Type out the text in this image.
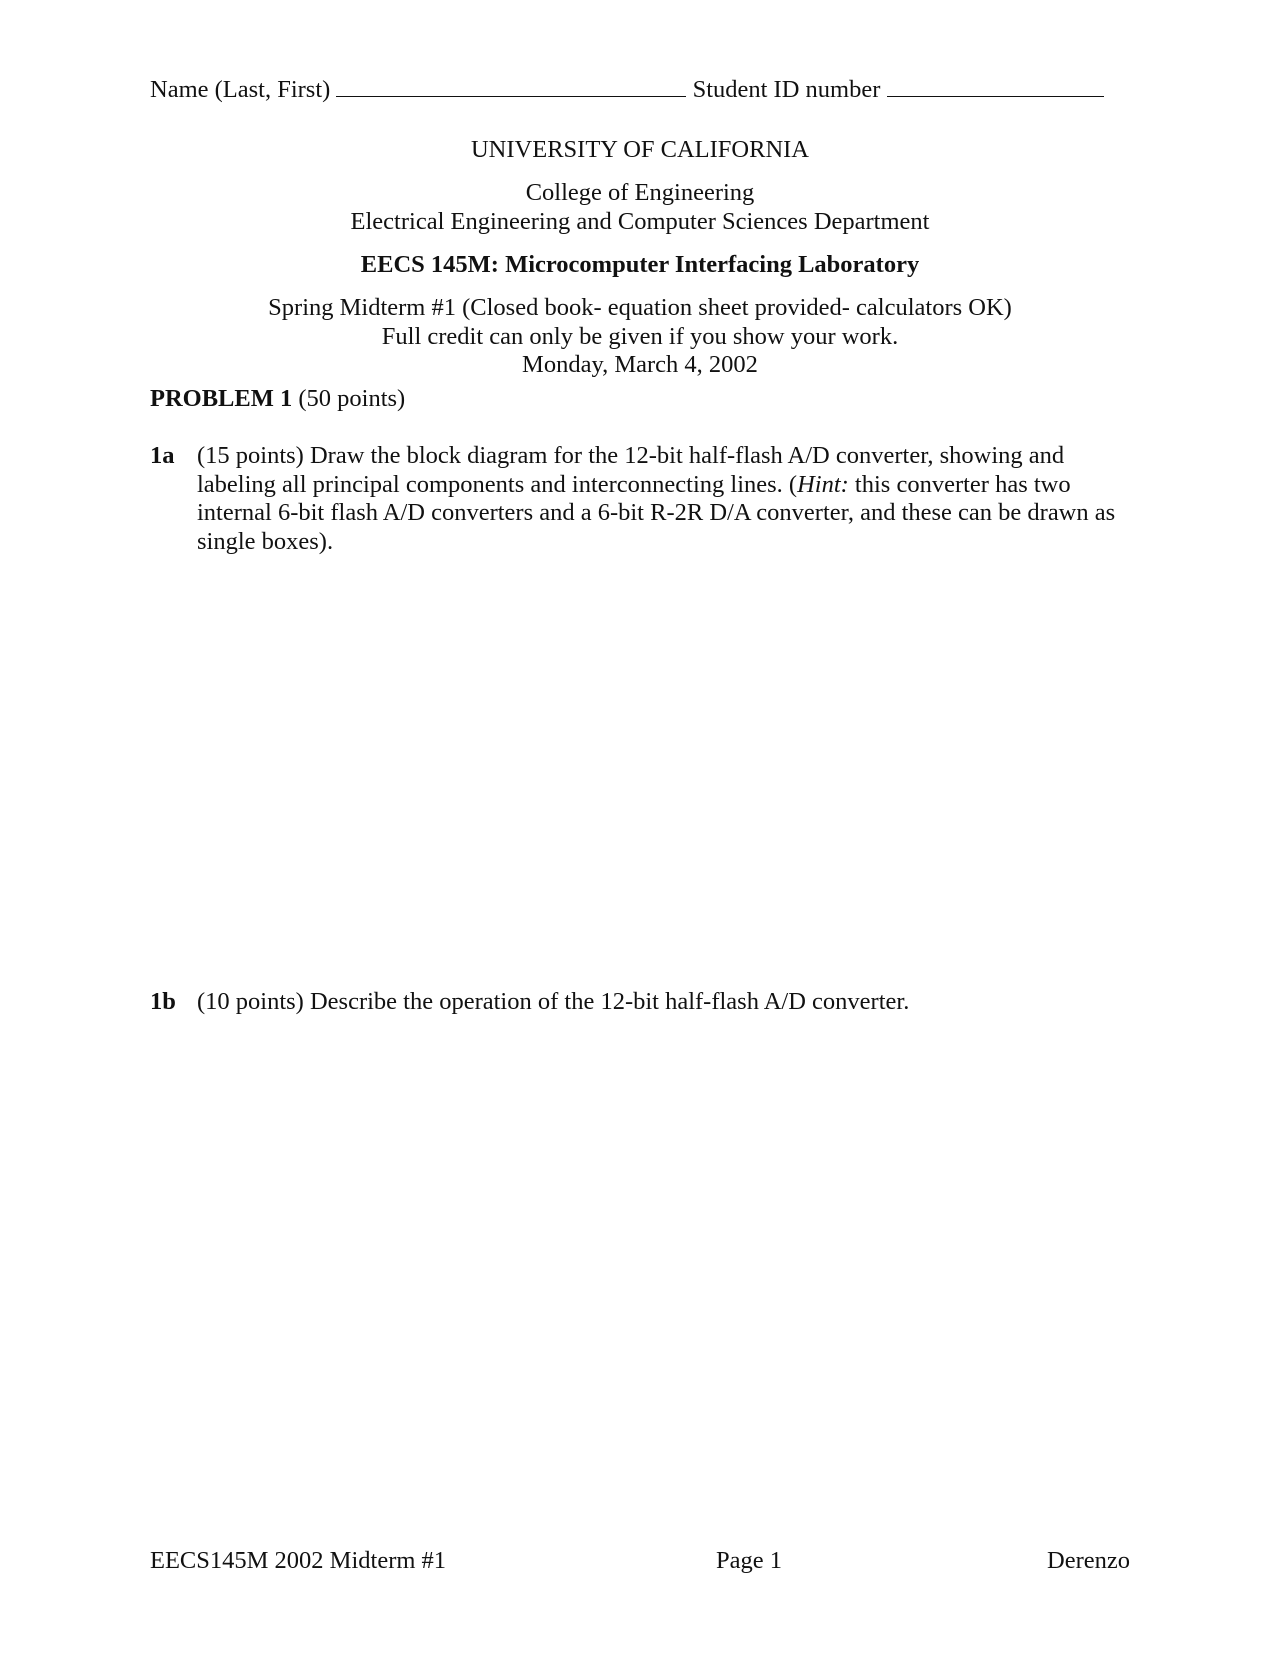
Name (Last, First)	Student ID number

UNIVERSITY OF CALIFORNIA

College of Engineering

Electrical Engineering and Computer Sciences Department

EECS 145M: Microcomputer Interfacing Laboratory

Spring Midterm #1 (Closed book- equation sheet provided- calculators OK)

Full credit can only be given if you show your work.

Monday, March 4, 2002

PROBLEM 1 (50 points)
1a (15 points) Draw the block diagram for the 12-bit half-flash A/D converter, showing and labeling all principal components and interconnecting lines. (Hint: this converter has two internal 6-bit flash A/D converters and a 6-bit R-2R D/A converter, and these can be drawn as single boxes).
1b (10 points) Describe the operation of the 12-bit half-flash A/D converter.

EECS145M 2002 Midterm #1	Page 1	Derenzo
